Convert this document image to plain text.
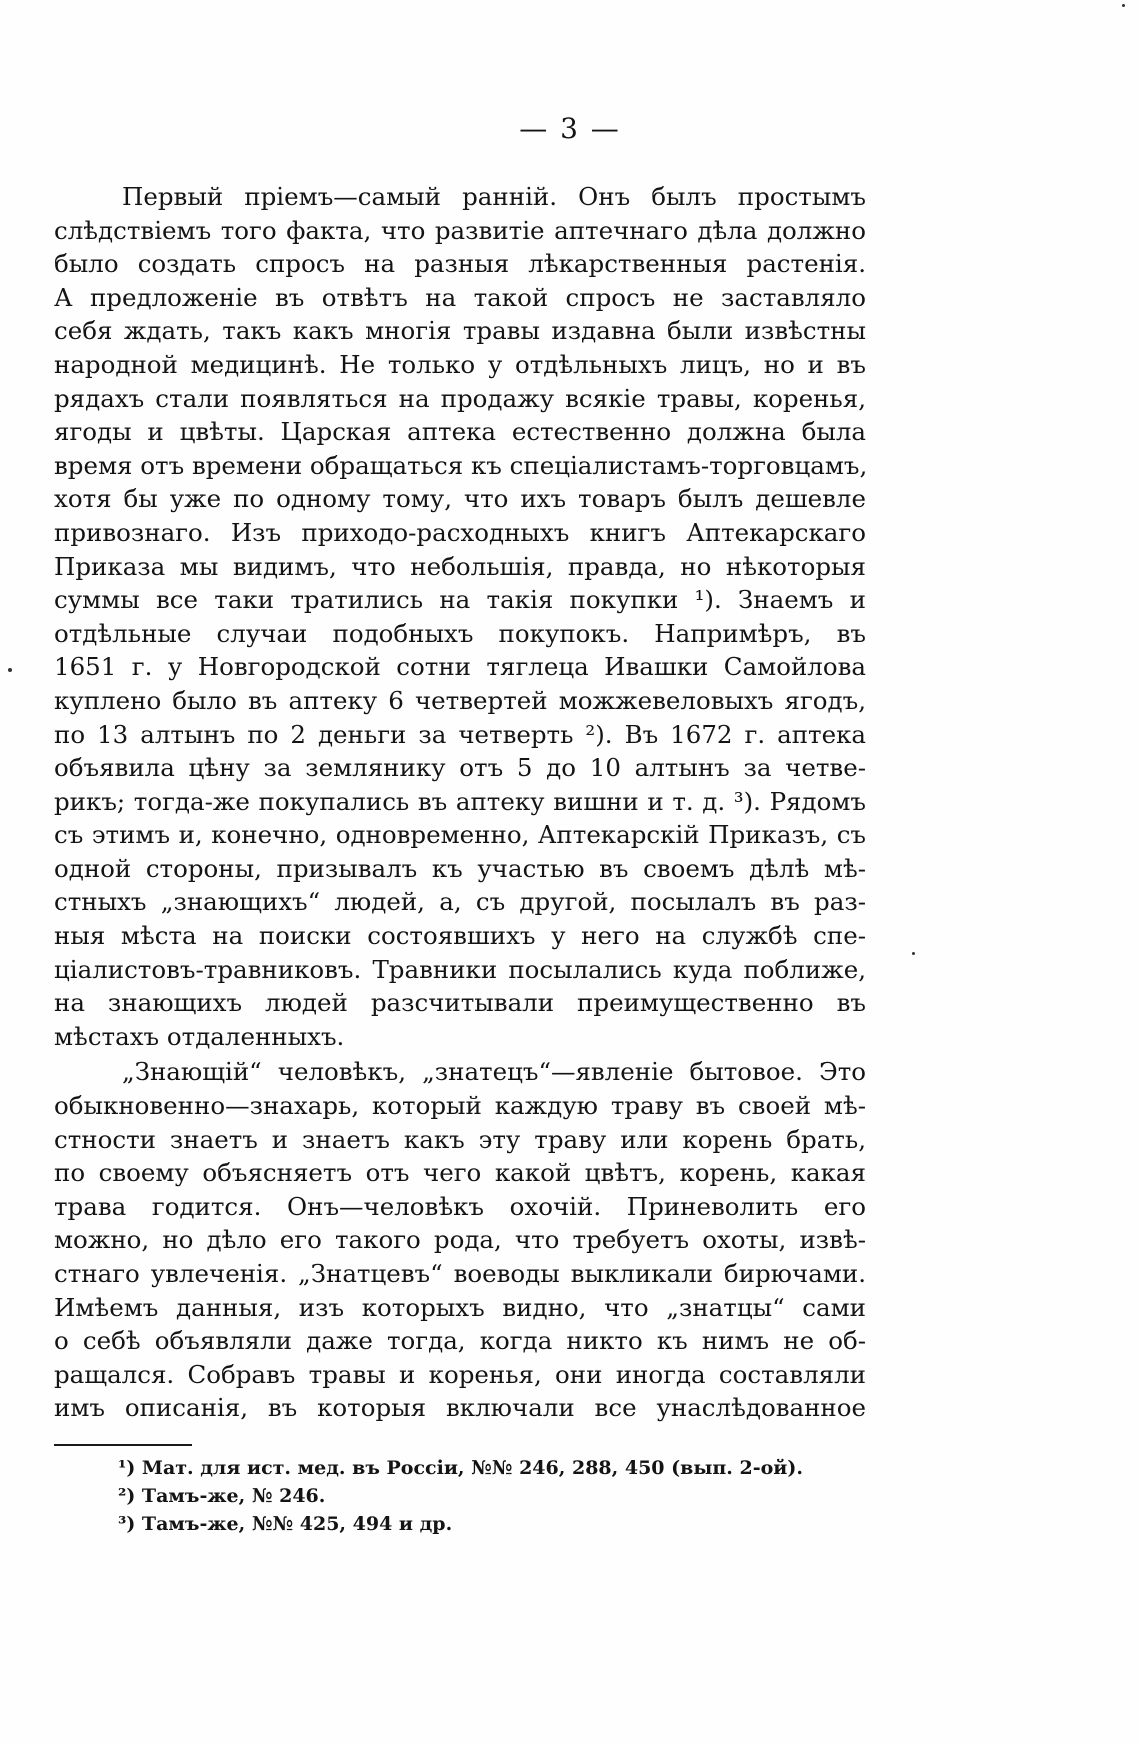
— 3 —
Первый пріемъ—самый ранній. Онъ былъ простымъ
слѣдствіемъ того факта, что развитіе аптечнаго дѣла должно
было создать спросъ на разныя лѣкарственныя растенія.
А предложеніе въ отвѣтъ на такой спросъ не заставляло
себя ждать, такъ какъ многія травы издавна были извѣстны
народной медицинѣ. Не только у отдѣльныхъ лицъ, но и въ
рядахъ стали появляться на продажу всякіе травы, коренья,
ягоды и цвѣты. Царская аптека естественно должна была
время отъ времени обращаться къ спеціалистамъ-торговцамъ,
хотя бы уже по одному тому, что ихъ товаръ былъ дешевле
привознаго. Изъ приходо-расходныхъ книгъ Аптекарскаго
Приказа мы видимъ, что небольшія, правда, но нѣкоторыя
суммы все таки тратились на такія покупки ¹). Знаемъ и
отдѣльные случаи подобныхъ покупокъ. Напримѣръ, въ
1651 г. у Новгородской сотни тяглеца Ивашки Самойлова
куплено было въ аптеку 6 четвертей можжевеловыхъ ягодъ,
по 13 алтынъ по 2 деньги за четверть ²). Въ 1672 г. аптека
объявила цѣну за землянику отъ 5 до 10 алтынъ за четве-
рикъ; тогда-же покупались въ аптеку вишни и т. д. ³). Рядомъ
съ этимъ и, конечно, одновременно, Аптекарскій Приказъ, съ
одной стороны, призывалъ къ участью въ своемъ дѣлѣ мѣ-
стныхъ „знающихъ“ людей, а, съ другой, посылалъ въ раз-
ныя мѣста на поиски состоявшихъ у него на службѣ спе-
ціалистовъ-травниковъ. Травники посылались куда поближе,
на знающихъ людей разсчитывали преимущественно въ
мѣстахъ отдаленныхъ.
„Знающій“ человѣкъ, „знатецъ“—явленіе бытовое. Это
обыкновенно—знахарь, который каждую траву въ своей мѣ-
стности знаетъ и знаетъ какъ эту траву или корень брать,
по своему объясняетъ отъ чего какой цвѣтъ, корень, какая
трава годится. Онъ—человѣкъ охочій. Приневолить его
можно, но дѣло его такого рода, что требуетъ охоты, извѣ-
стнаго увлеченія. „Знатцевъ“ воеводы выкликали бирючами.
Имѣемъ данныя, изъ которыхъ видно, что „знатцы“ сами
о себѣ объявляли даже тогда, когда никто къ нимъ не об-
ращался. Собравъ травы и коренья, они иногда составляли
имъ описанія, въ которыя включали все унаслѣдованное
¹) Мат. для ист. мед. въ Россіи, №№ 246, 288, 450 (вып. 2-ой).
²) Тамъ-же, № 246.
³) Тамъ-же, №№ 425, 494 и др.
